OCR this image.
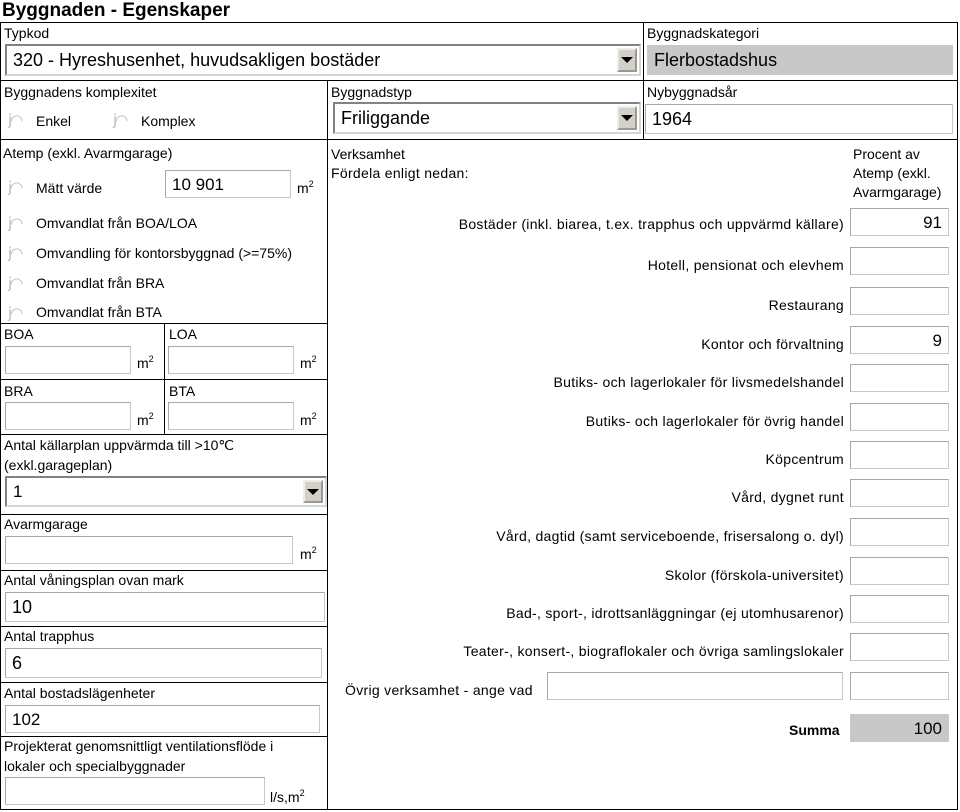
Byggnaden - Egenskaper
Typkod
320 - Hyreshusenhet, huvudsakligen bostäder
Byggnadskategori
Flerbostadshus
Byggnadens komplexitet
j◠	Enkel	j◠	Komplex
Byggnadstyp
Friliggande
Nybyggnadsår
1964
Atemp (exkl. Avarmgarage)
j◠	Mätt värde	10 901	$m^2$
j◠	Omvandlat från BOA/LOA
j◠	Omvandling för kontorsbyggnad (>=75%)
j◠	Omvandlat från BRA
j◠	Omvandlat från BTA
BOA
$m^2$
LOA
$m^2$
BRA
$m^2$
BTA
$m^2$
Antal källarplan uppvärmda till >10℃
(exkl.garageplan)
1
Avarmgarage
$m^2$
Antal våningsplan ovan mark
10
Antal trapphus
6
Antal bostadslägenheter
102
Projekterat genomsnittligt ventilationsflöde i
lokaler och specialbyggnader
$l/s,m^2$
Verksamhet
Fördela enligt nedan:
Procent av
Atemp (exkl.
Avarmgarage)
Bostäder (inkl. biarea, t.ex. trapphus och uppvärmd källare)	91
Hotell, pensionat och elevhem
Restaurang
Kontor och förvaltning	9
Butiks- och lagerlokaler för livsmedelshandel
Butiks- och lagerlokaler för övrig handel
Köpcentrum
Vård, dygnet runt
Vård, dagtid (samt serviceboende, frisersalong o. dyl)
Skolor (förskola-universitet)
Bad-, sport-, idrottsanläggningar (ej utomhusarenor)
Teater-, konsert-, biograflokaler och övriga samlingslokaler
Övrig verksamhet - ange vad
Summa	100
